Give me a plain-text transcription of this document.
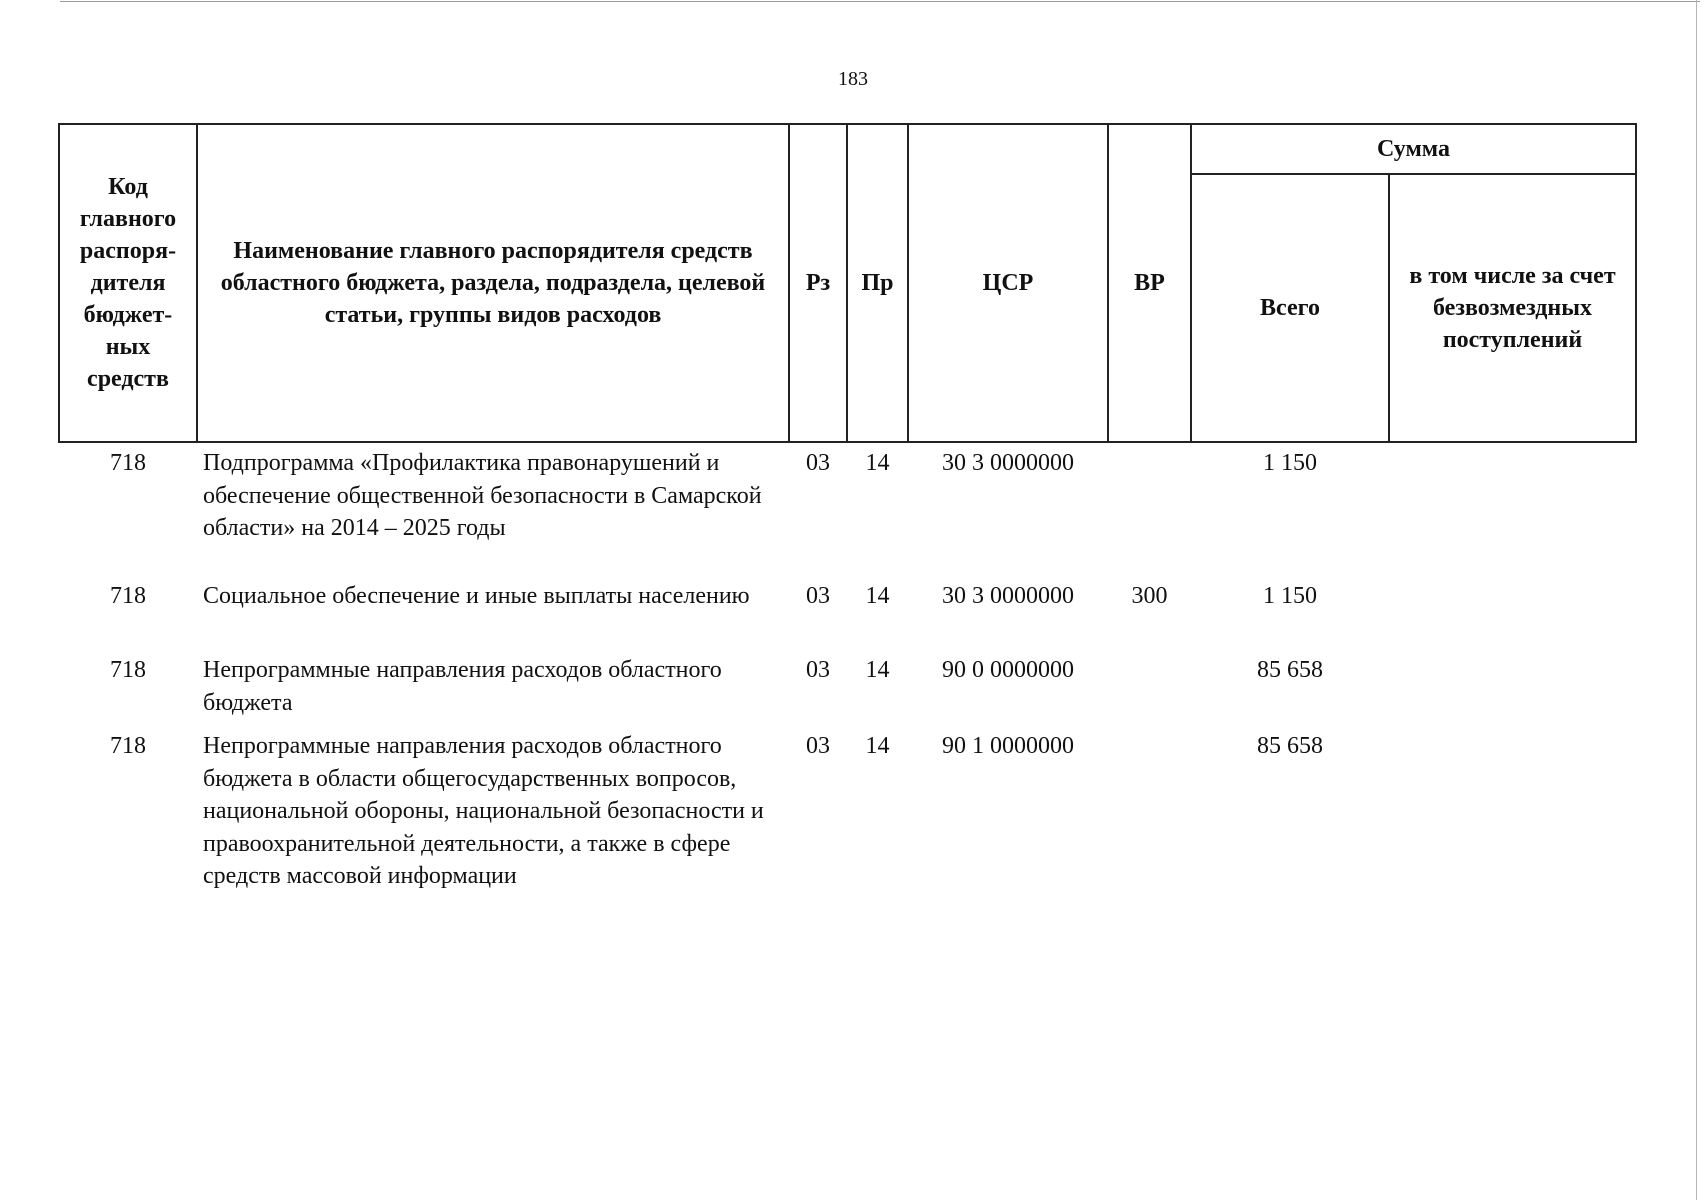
183
Код главного распоря-дителя бюджет-ных средств	Наименование главного распорядителя средств областного бюджета, раздела, подраздела, целевой статьи, группы видов расходов	Рз	Пр	ЦСР	ВР	Сумма	
						Всего	в том числе за счет безвозмездных поступлений
718	Подпрограмма «Профилактика правонарушений и обеспечение общественной безопасности в Самарской области» на 2014 – 2025 годы	03	14	30 3 0000000		1 150	
718	Социальное обеспечение и иные выплаты населению	03	14	30 3 0000000	300	1 150	
718	Непрограммные направления расходов областного бюджета	03	14	90 0 0000000		85 658	
718	Непрограммные направления расходов областного бюджета в области общегосударственных вопросов, национальной обороны, национальной безопасности и правоохранительной деятельности, а также в сфере средств массовой информации	03	14	90 1 0000000		85 658	
